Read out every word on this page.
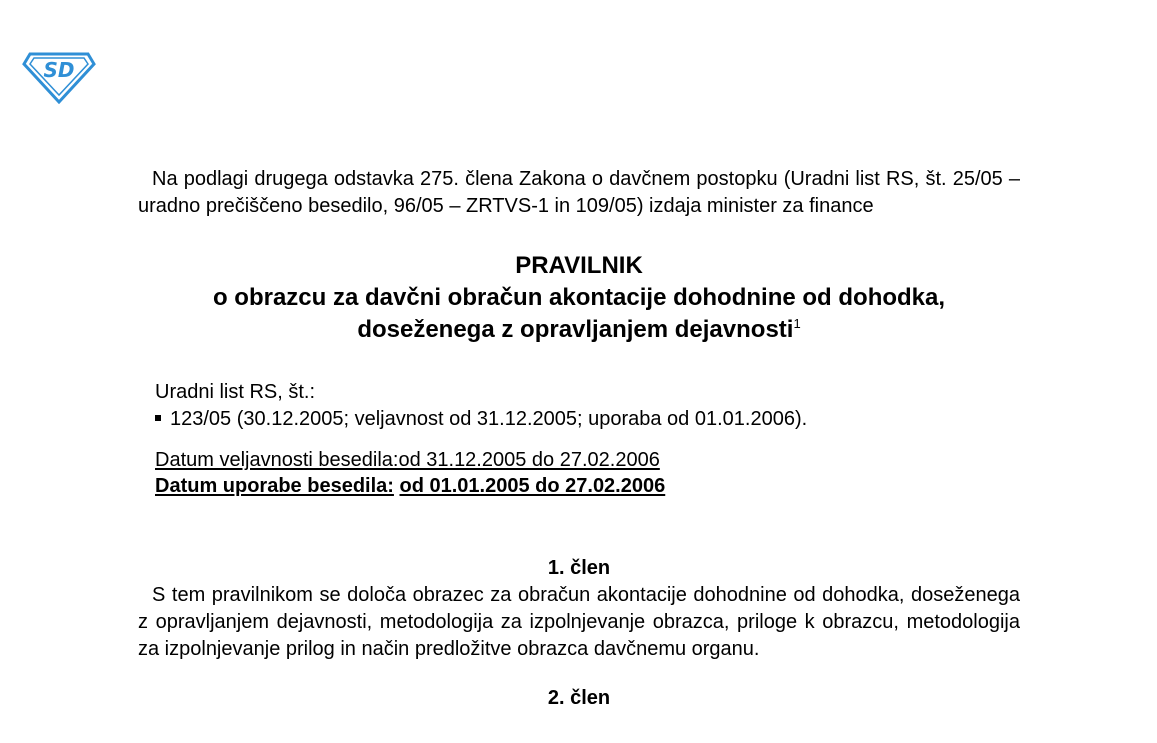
SD

Na podlagi drugega odstavka 275. člena Zakona o davčnem postopku (Uradni list RS, št. 25/05 – uradno prečiščeno besedilo, 96/05 – ZRTVS-1 in 109/05) izdaja minister za finance

PRAVILNIK
o obrazcu za davčni obračun akontacije dohodnine od dohodka,
doseženega z opravljanjem dejavnosti$^1$
Uradni list RS, št.:
123/05 (30.12.2005; veljavnost od 31.12.2005; uporaba od 01.01.2006).
Datum veljavnosti besedila:od 31.12.2005 do 27.02.2006
Datum uporabe besedila: od 01.01.2005 do 27.02.2006
1. člen

S tem pravilnikom se določa obrazec za obračun akontacije dohodnine od dohodka, doseženega z opravljanjem dejavnosti, metodologija za izpolnjevanje obrazca, priloge k obrazcu, metodologija za izpolnjevanje prilog in način predložitve obrazca davčnemu organu.

2. člen
